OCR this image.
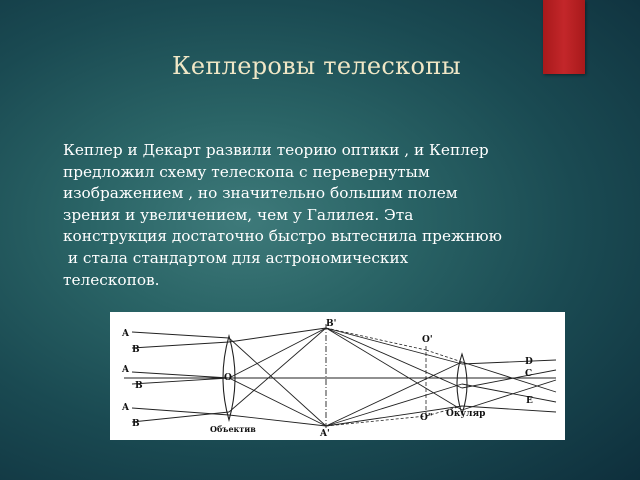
Кеплеровы телескопы
Кеплер и Декарт развили теорию оптики , и Кеплер
предложил схему телескопа с перевернутым
изображением , но значительно большим полем
зрения и увеличением, чем у Галилея. Эта
конструкция достаточно быстро вытеснила прежнюю
и стала стандартом для астрономических
телескопов.
A
B
A
B
A
B
B'
A'
O
O'
O"
D
C
E
Объектив
Окуляр
